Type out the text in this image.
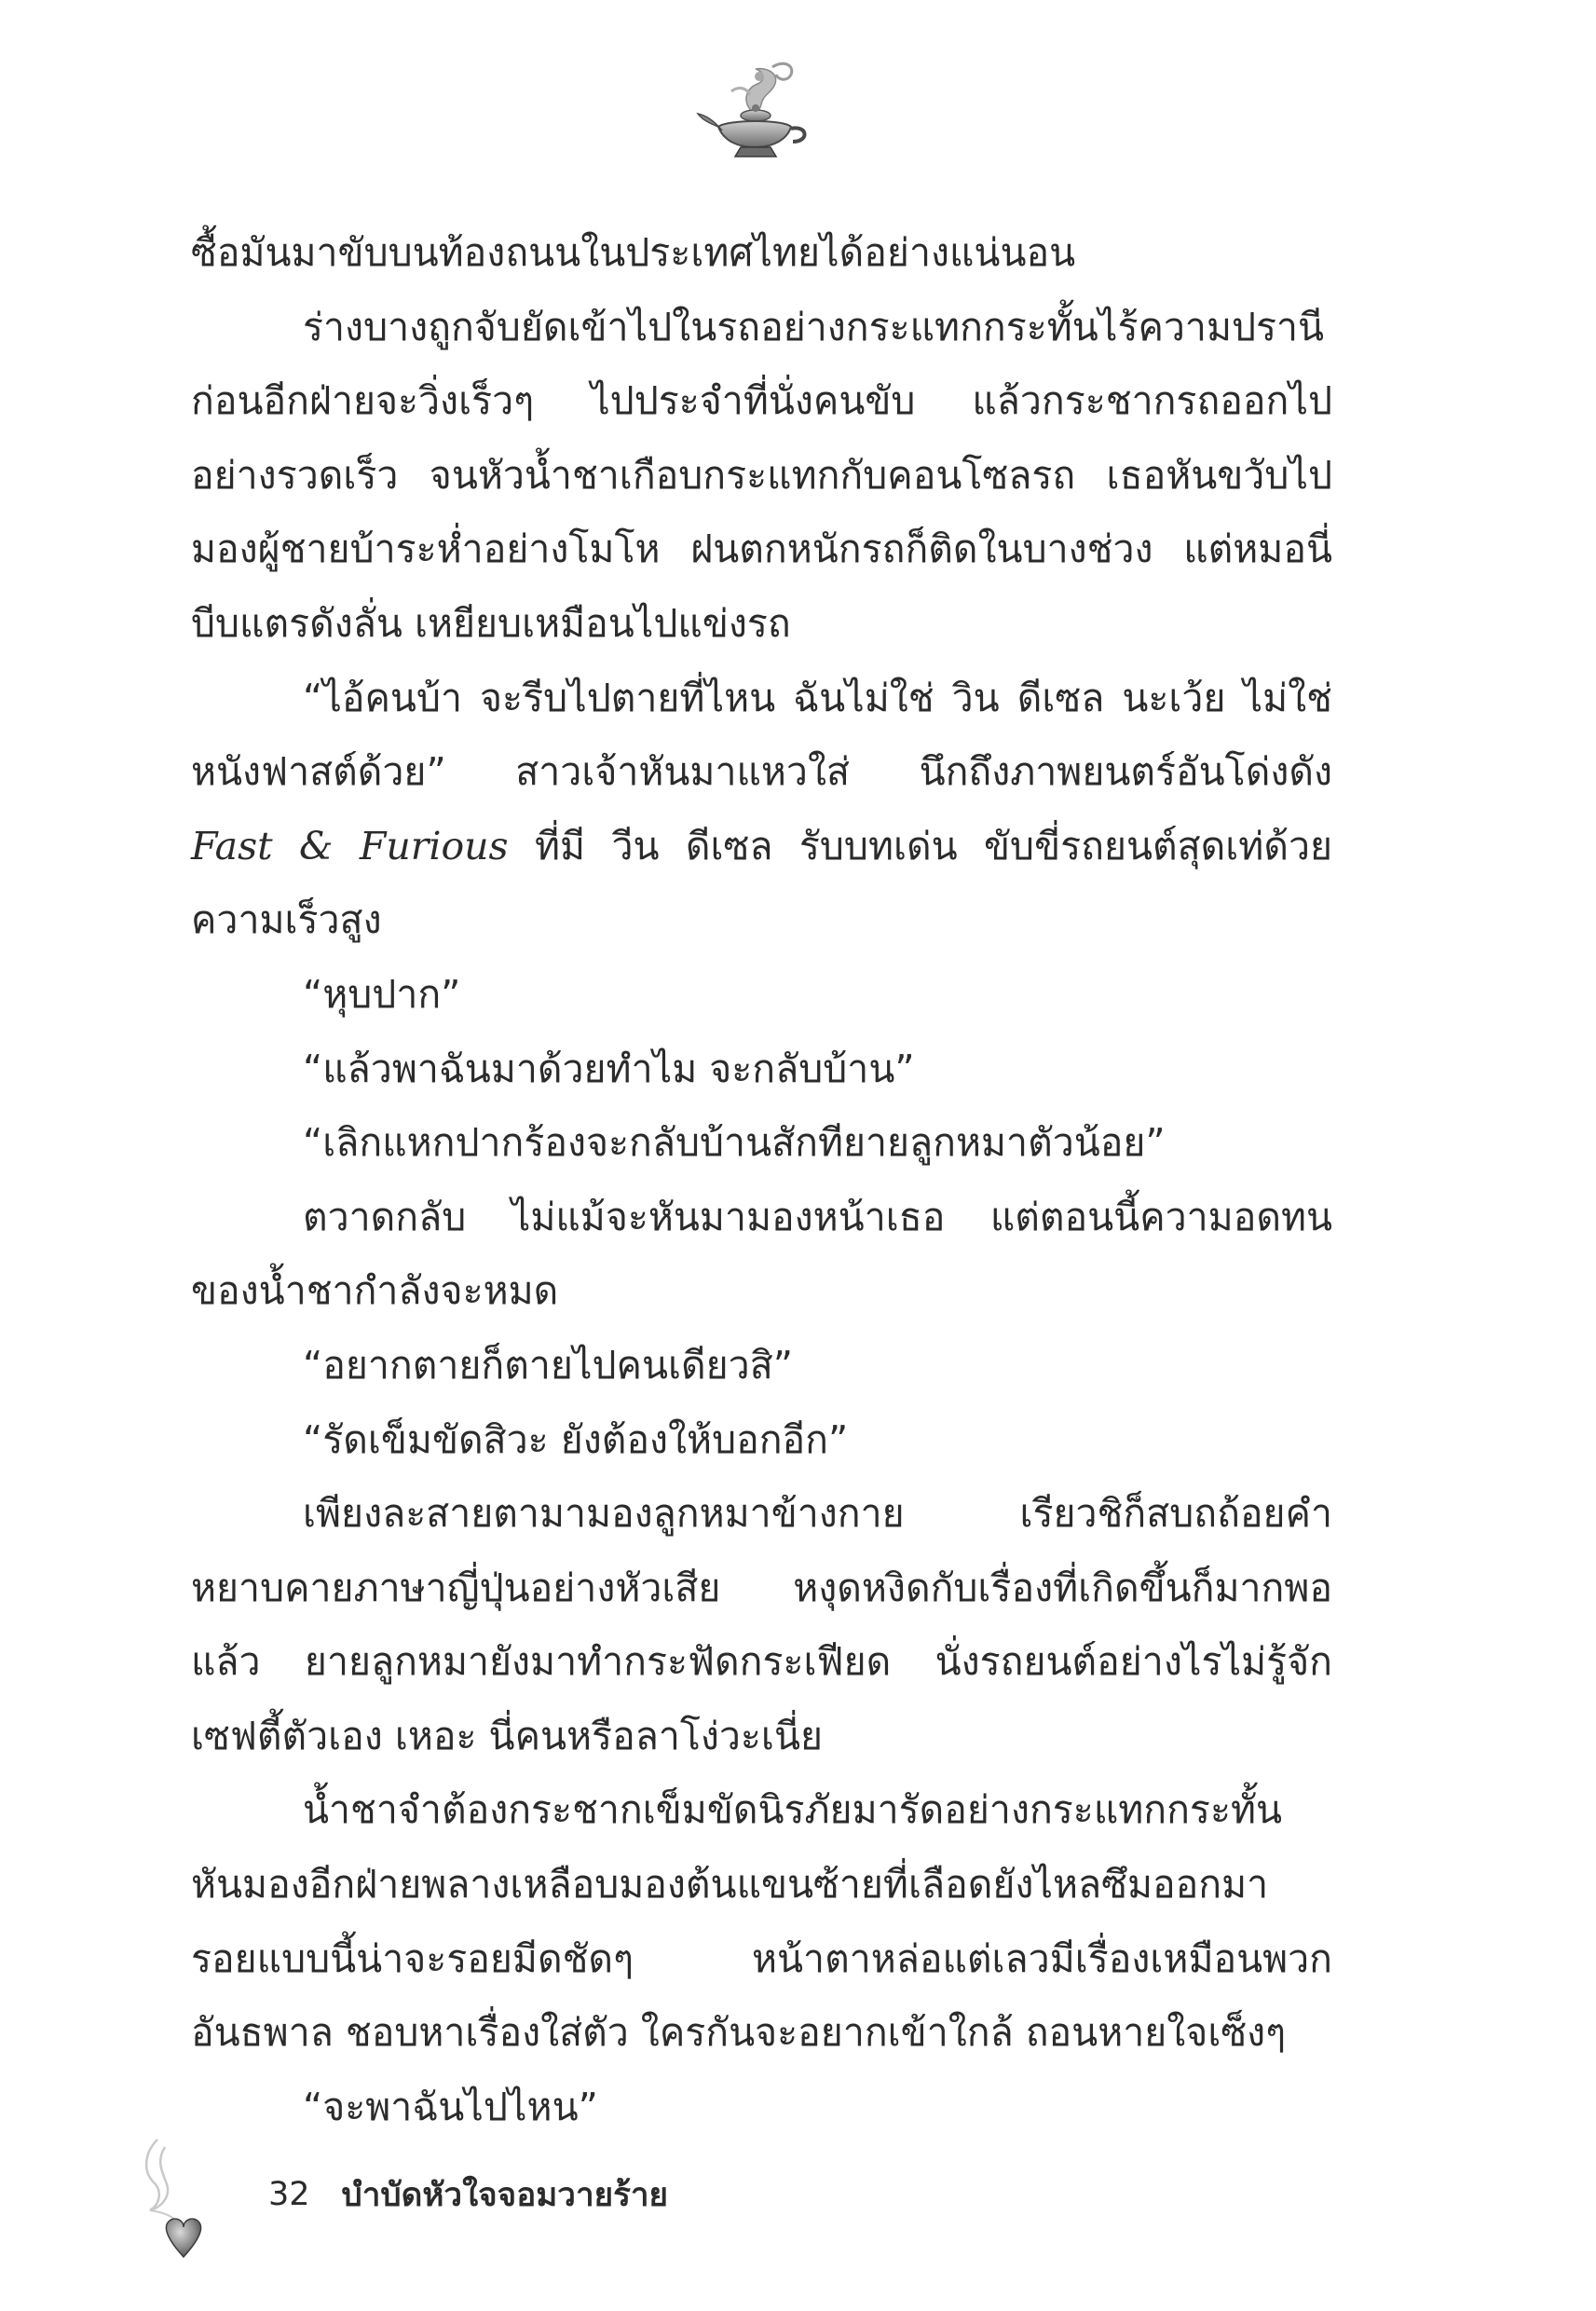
ซื้อมันมาขับบนท้องถนนในประเทศไทยได้อย่างแน่นอน
ร่างบางถูกจับยัดเข้าไปในรถอย่างกระแทกกระทั้นไร้ความปรานี
ก่อนอีกฝ่ายจะวิ่งเร็วๆ ไปประจำที่นั่งคนขับ แล้วกระชากรถออกไป
อย่างรวดเร็ว จนหัวน้ำชาเกือบกระแทกกับคอนโซลรถ เธอหันขวับไป
มองผู้ชายบ้าระห่ำอย่างโมโห ฝนตกหนักรถก็ติดในบางช่วง แต่หมอนี่
บีบแตรดังลั่น เหยียบเหมือนไปแข่งรถ
“ไอ้คนบ้า จะรีบไปตายที่ไหน ฉันไม่ใช่ วิน ดีเซล นะเว้ย ไม่ใช่
หนังฟาสต์ด้วย” สาวเจ้าหันมาแหวใส่ นึกถึงภาพยนตร์อันโด่งดัง
Fast & Furious ที่มี วีน ดีเซล รับบทเด่น ขับขี่รถยนต์สุดเท่ด้วย
ความเร็วสูง
“หุบปาก”
“แล้วพาฉันมาด้วยทำไม จะกลับบ้าน”
“เลิกแหกปากร้องจะกลับบ้านสักทียายลูกหมาตัวน้อย”
ตวาดกลับ ไม่แม้จะหันมามองหน้าเธอ แต่ตอนนี้ความอดทน
ของน้ำชากำลังจะหมด
“อยากตายก็ตายไปคนเดียวสิ”
“รัดเข็มขัดสิวะ ยังต้องให้บอกอีก”
เพียงละสายตามามองลูกหมาข้างกาย เรียวชิก็สบถถ้อยคำ
หยาบคายภาษาญี่ปุ่นอย่างหัวเสีย หงุดหงิดกับเรื่องที่เกิดขึ้นก็มากพอ
แล้ว ยายลูกหมายังมาทำกระฟัดกระเฟียด นั่งรถยนต์อย่างไรไม่รู้จัก
เซฟตี้ตัวเอง เหอะ นี่คนหรือลาโง่วะเนี่ย
น้ำชาจำต้องกระชากเข็มขัดนิรภัยมารัดอย่างกระแทกกระทั้น
หันมองอีกฝ่ายพลางเหลือบมองต้นแขนซ้ายที่เลือดยังไหลซึมออกมา
รอยแบบนี้น่าจะรอยมีดชัดๆ หน้าตาหล่อแต่เลวมีเรื่องเหมือนพวก
อันธพาล ชอบหาเรื่องใส่ตัว ใครกันจะอยากเข้าใกล้ ถอนหายใจเซ็งๆ
“จะพาฉันไปไหน”
32 บำบัดหัวใจจอมวายร้าย
